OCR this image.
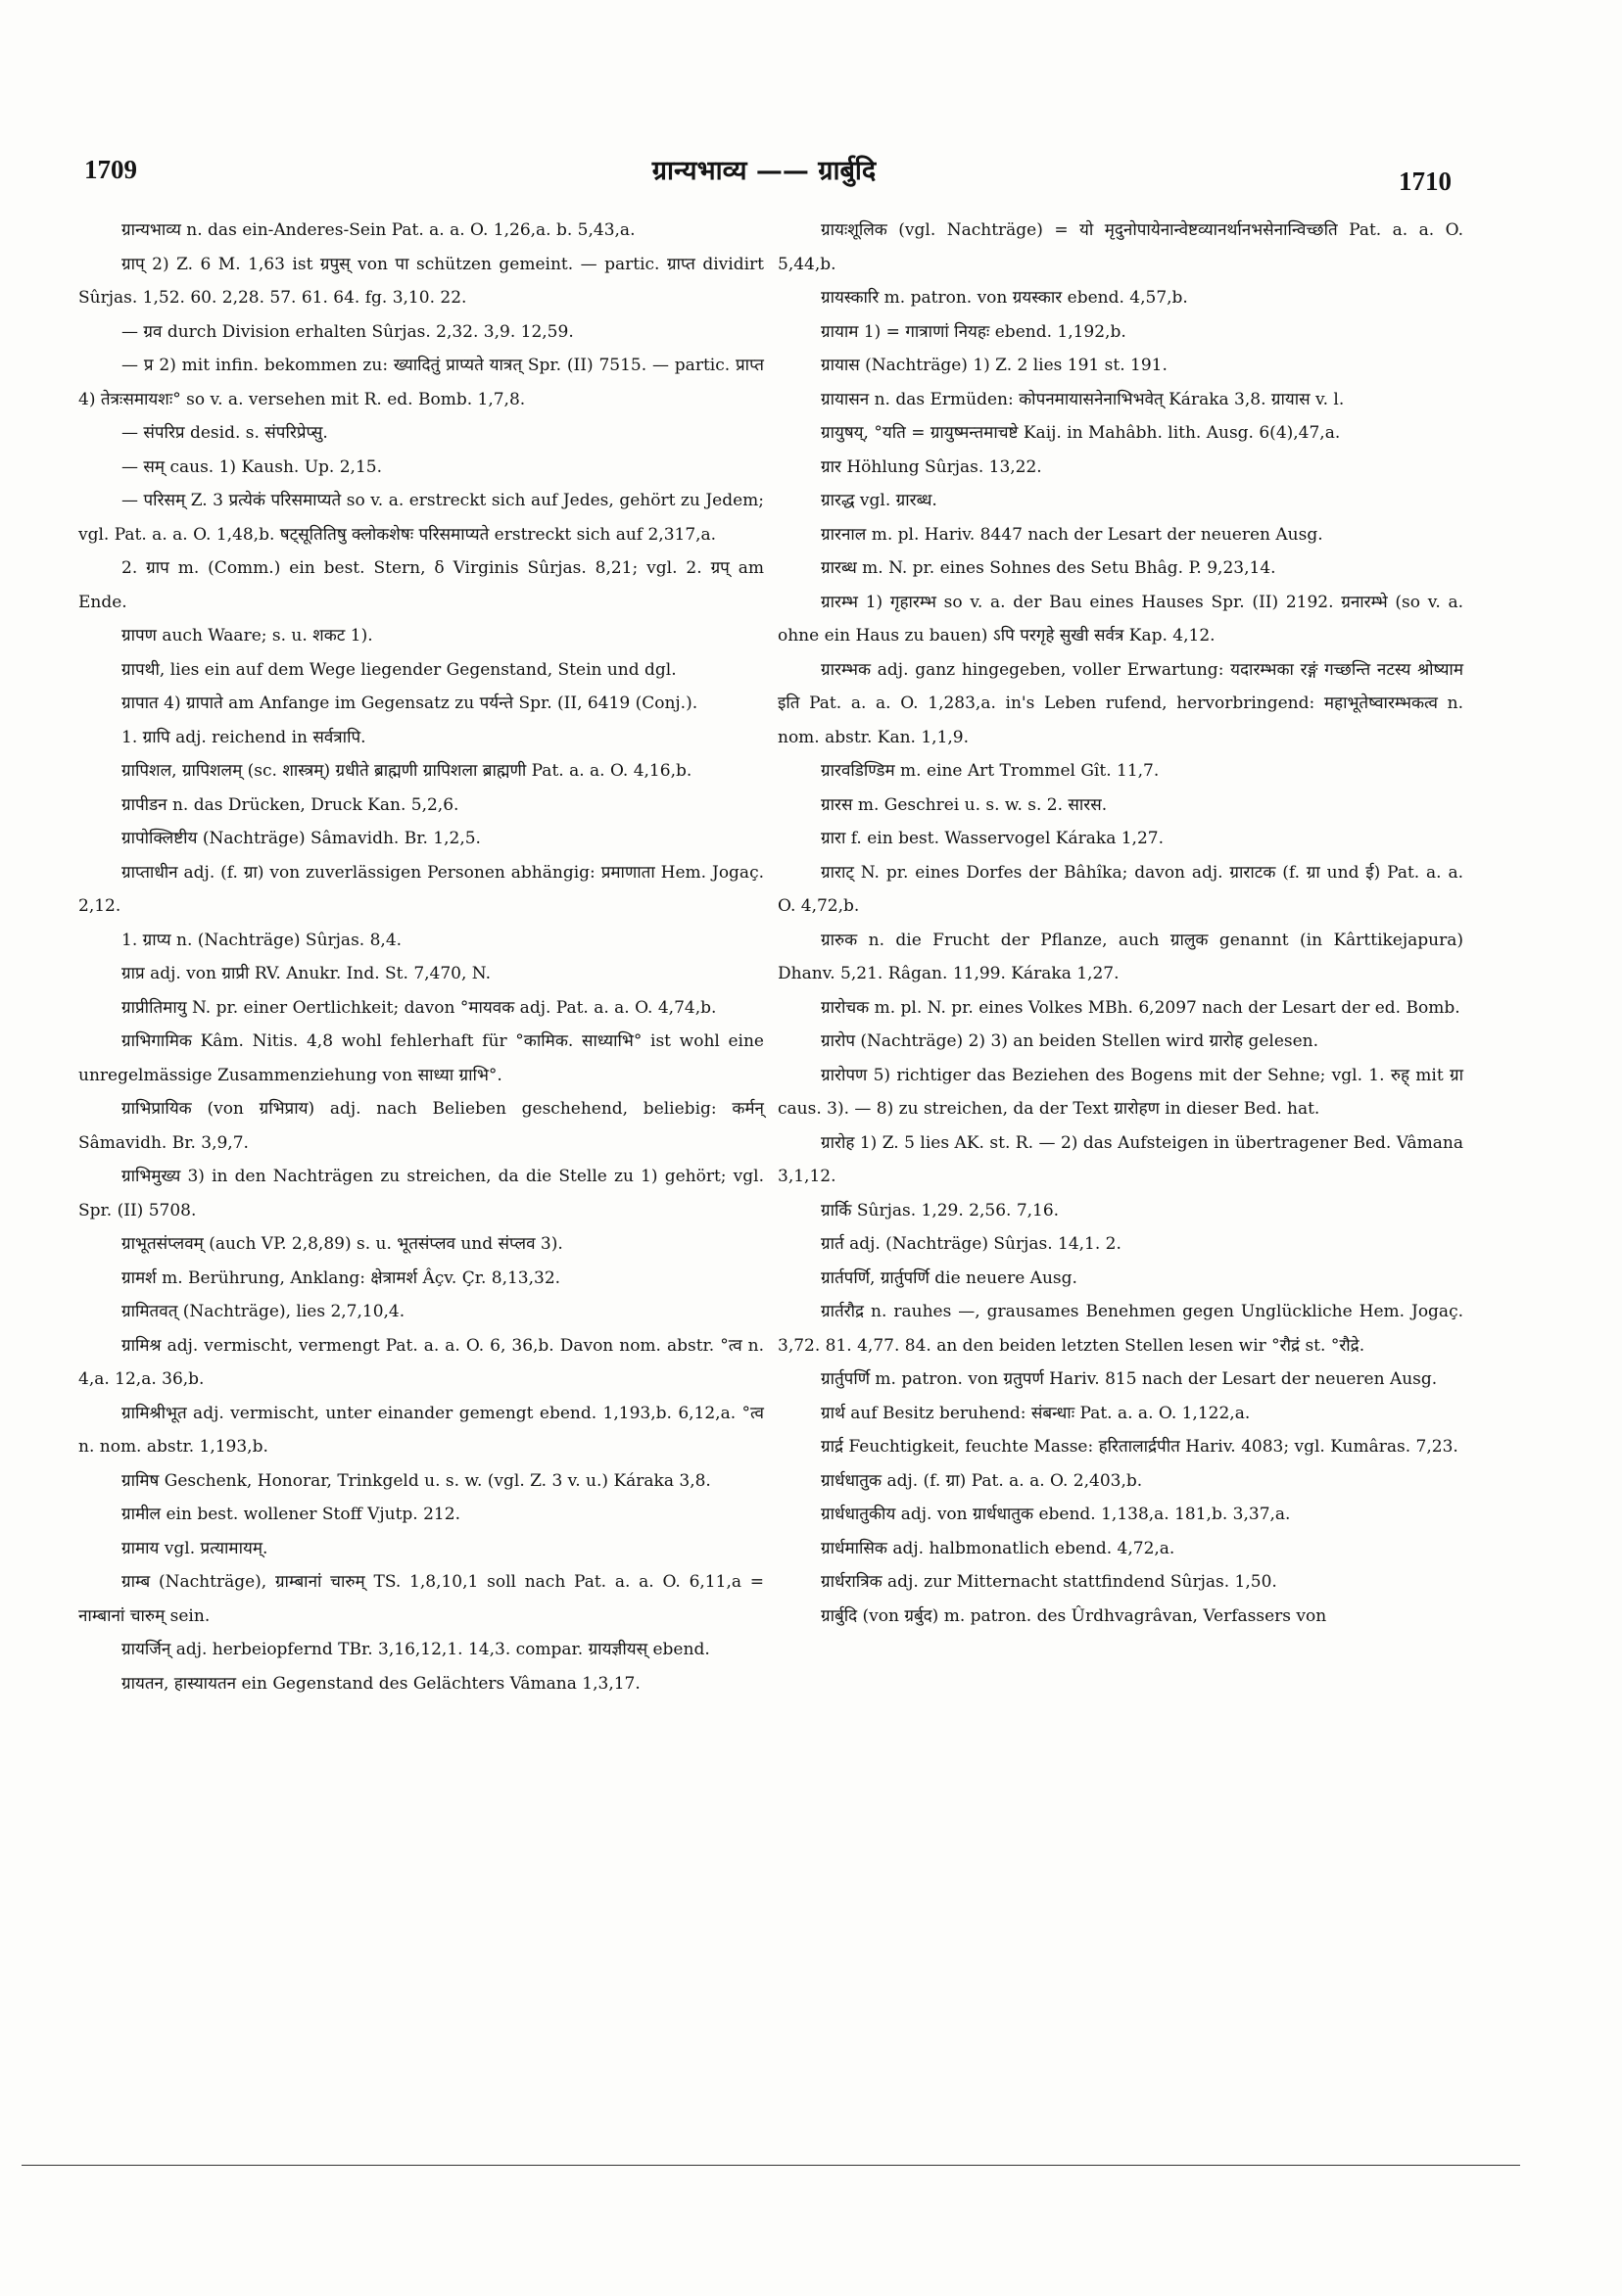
1709	ग्रान्यभाव्य —— ग्रार्बुदि	1710

ग्रान्यभाव्य n. das ein-Anderes-Sein Pat. a. a. O. 1,26,a. b. 5,43,a.

ग्राप् 2) Z. 6 M. 1,63 ist ग्रपुस् von पा schützen gemeint. — partic. ग्राप्त dividirt Sûrjas. 1,52. 60. 2,28. 57. 61. 64. fg. 3,10. 22.

— ग्रव durch Division erhalten Sûrjas. 2,32. 3,9. 12,59.

— प्र 2) mit infin. bekommen zu: ख्यादितुं प्राप्यते यात्रत् Spr. (II) 7515. — partic. प्राप्त 4) तेत्रःसमायशः° so v. a. versehen mit R. ed. Bomb. 1,7,8.

— संपरिप्र desid. s. संपरिप्रेप्सु.

— सम् caus. 1) Kaush. Up. 2,15.

— परिसम् Z. 3 प्रत्येकं परिसमाप्यते so v. a. erstreckt sich auf Jedes, gehört zu Jedem; vgl. Pat. a. a. O. 1,48,b. षट्सूतितिषु क्लोकशेषः परिसमाप्यते erstreckt sich auf 2,317,a.

2. ग्राप m. (Comm.) ein best. Stern, δ Virginis Sûrjas. 8,21; vgl. 2. ग्रप् am Ende.

ग्रापण auch Waare; s. u. शकट 1).

ग्रापथी, lies ein auf dem Wege liegender Gegenstand, Stein und dgl.

ग्रापात 4) ग्रापाते am Anfange im Gegensatz zu पर्यन्ते Spr. (II, 6419 (Conj.).

1. ग्रापि adj. reichend in सर्वत्रापि.

ग्रापिशल, ग्रापिशलम् (sc. शास्त्रम्) ग्रधीते ब्राह्मणी ग्रापिशला ब्राह्मणी Pat. a. a. O. 4,16,b.

ग्रापीडन n. das Drücken, Druck Kan. 5,2,6.

ग्रापोक्लिष्टीय (Nachträge) Sâmavidh. Br. 1,2,5.

ग्राप्ताधीन adj. (f. ग्रा) von zuverlässigen Personen abhängig: प्रमाणाता Hem. Jogaç. 2,12.

1. ग्राप्य n. (Nachträge) Sûrjas. 8,4.

ग्राप्र adj. von ग्राप्री RV. Anukr. Ind. St. 7,470, N.

ग्राप्रीतिमायु N. pr. einer Oertlichkeit; davon °मायवक adj. Pat. a. a. O. 4,74,b.

ग्राभिगामिक Kâm. Nitis. 4,8 wohl fehlerhaft für °कामिक. साध्याभि° ist wohl eine unregelmässige Zusammenziehung von साध्या ग्राभि°.

ग्राभिप्रायिक (von ग्रभिप्राय) adj. nach Belieben geschehend, beliebig: कर्मन् Sâmavidh. Br. 3,9,7.

ग्राभिमुख्य 3) in den Nachträgen zu streichen, da die Stelle zu 1) gehört; vgl. Spr. (II) 5708.

ग्राभूतसंप्लवम् (auch VP. 2,8,89) s. u. भूतसंप्लव und संप्लव 3).

ग्रामर्श m. Berührung, Anklang: क्षेत्रामर्श Âçv. Çr. 8,13,32.

ग्रामितवत् (Nachträge), lies 2,7,10,4.

ग्रामिश्र adj. vermischt, vermengt Pat. a. a. O. 6, 36,b. Davon nom. abstr. °त्व n. 4,a. 12,a. 36,b.

ग्रामिश्रीभूत adj. vermischt, unter einander gemengt ebend. 1,193,b. 6,12,a. °त्व n. nom. abstr. 1,193,b.

ग्रामिष Geschenk, Honorar, Trinkgeld u. s. w. (vgl. Z. 3 v. u.) Káraka 3,8.

ग्रामील ein best. wollener Stoff Vjutp. 212.

ग्रामाय vgl. प्रत्यामायम्.

ग्राम्ब (Nachträge), ग्राम्बानां चारुम् TS. 1,8,10,1 soll nach Pat. a. a. O. 6,11,a = नाम्बानां चारुम् sein.

ग्रायर्जिन् adj. herbeiopfernd TBr. 3,16,12,1. 14,3. compar. ग्रायज्ञीयस् ebend.

ग्रायतन, हास्यायतन ein Gegenstand des Gelächters Vâmana 1,3,17.

ग्रायःशूलिक (vgl. Nachträge) = यो मृदुनोपायेनान्वेष्टव्यानर्थानभसेनान्विच्छति Pat. a. a. O. 5,44,b.

ग्रायस्कारि m. patron. von ग्रयस्कार ebend. 4,57,b.

ग्रायाम 1) = गात्राणां नियहः ebend. 1,192,b.

ग्रायास (Nachträge) 1) Z. 2 lies 191 st. 191.

ग्रायासन n. das Ermüden: कोपनमायासनेनाभिभवेत् Káraka 3,8. ग्रायास v. l.

ग्रायुषय्, °यति = ग्रायुष्मन्तमाचष्टे Kaij. in Mahâbh. lith. Ausg. 6(4),47,a.

ग्रार Höhlung Sûrjas. 13,22.

ग्रारद्ध vgl. ग्रारब्ध.

ग्रारनाल m. pl. Hariv. 8447 nach der Lesart der neueren Ausg.

ग्रारब्ध m. N. pr. eines Sohnes des Setu Bhâg. P. 9,23,14.

ग्रारम्भ 1) गृहारम्भ so v. a. der Bau eines Hauses Spr. (II) 2192. ग्रनारम्भे (so v. a. ohne ein Haus zu bauen) ऽपि परगृहे सुखी सर्वत्र Kap. 4,12.

ग्रारम्भक adj. ganz hingegeben, voller Erwartung: यदारम्भका रङ्गं गच्छन्ति नटस्य श्रोष्याम इति Pat. a. a. O. 1,283,a. in's Leben rufend, hervorbringend: महाभूतेष्वारम्भकत्व n. nom. abstr. Kan. 1,1,9.

ग्रारवडिण्डिम m. eine Art Trommel Gît. 11,7.

ग्रारस m. Geschrei u. s. w. s. 2. सारस.

ग्रारा f. ein best. Wasservogel Káraka 1,27.

ग्राराट् N. pr. eines Dorfes der Bâhîka; davon adj. ग्राराटक (f. ग्रा und ई) Pat. a. a. O. 4,72,b.

ग्रारुक n. die Frucht der Pflanze, auch ग्रालुक genannt (in Kârttikejapura) Dhanv. 5,21. Râgan. 11,99. Káraka 1,27.

ग्रारोचक m. pl. N. pr. eines Volkes MBh. 6,2097 nach der Lesart der ed. Bomb.

ग्रारोप (Nachträge) 2) 3) an beiden Stellen wird ग्रारोह gelesen.

ग्रारोपण 5) richtiger das Beziehen des Bogens mit der Sehne; vgl. 1. रुह् mit ग्रा caus. 3). — 8) zu streichen, da der Text ग्रारोहण in dieser Bed. hat.

ग्रारोह 1) Z. 5 lies AK. st. R. — 2) das Aufsteigen in übertragener Bed. Vâmana 3,1,12.

ग्रार्कि Sûrjas. 1,29. 2,56. 7,16.

ग्रार्त adj. (Nachträge) Sûrjas. 14,1. 2.

ग्रार्तपर्णि, ग्रार्तुपर्णि die neuere Ausg.

ग्रार्तरौद्र n. rauhes —, grausames Benehmen gegen Unglückliche Hem. Jogaç. 3,72. 81. 4,77. 84. an den beiden letzten Stellen lesen wir °रौद्रं st. °रौद्रे.

ग्रार्तुपर्णि m. patron. von ग्रतुपर्ण Hariv. 815 nach der Lesart der neueren Ausg.

ग्रार्थ auf Besitz beruhend: संबन्धाः Pat. a. a. O. 1,122,a.

ग्रार्द्र Feuchtigkeit, feuchte Masse: हरितालार्द्रपीत Hariv. 4083; vgl. Kumâras. 7,23.

ग्रार्धधातुक adj. (f. ग्रा) Pat. a. a. O. 2,403,b.

ग्रार्धधातुकीय adj. von ग्रार्धधातुक ebend. 1,138,a. 181,b. 3,37,a.

ग्रार्धमासिक adj. halbmonatlich ebend. 4,72,a.

ग्रार्धरात्रिक adj. zur Mitternacht stattfindend Sûrjas. 1,50.

ग्रार्बुदि (von ग्रर्बुद) m. patron. des Ûrdhvagrâvan, Verfassers von
